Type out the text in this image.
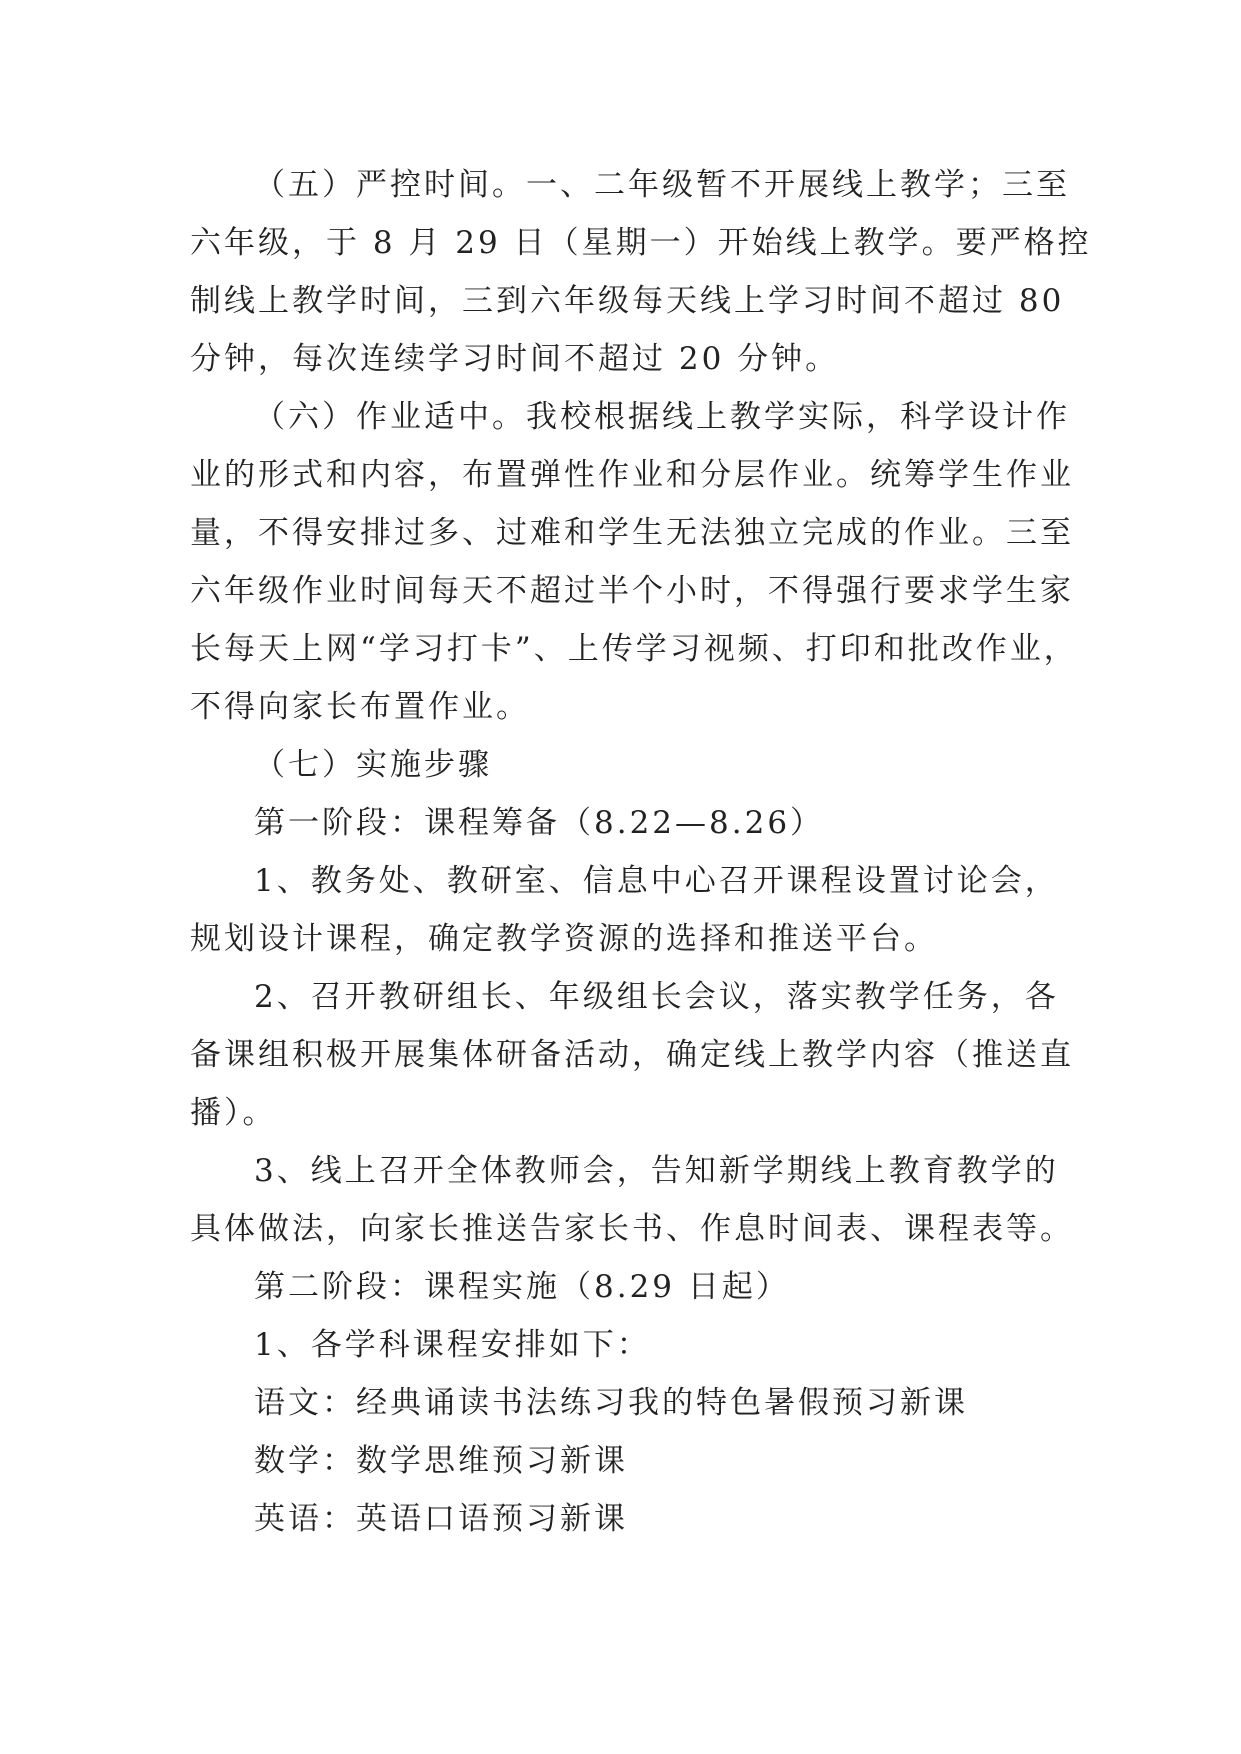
（五）严控时间。一、二年级暂不开展线上教学；三至
六年级，于 8 月 29 日（星期一）开始线上教学。要严格控
制线上教学时间，三到六年级每天线上学习时间不超过 80
分钟，每次连续学习时间不超过 20 分钟。
（六）作业适中。我校根据线上教学实际，科学设计作
业的形式和内容，布置弹性作业和分层作业。统筹学生作业
量，不得安排过多、过难和学生无法独立完成的作业。三至
六年级作业时间每天不超过半个小时，不得强行要求学生家
长每天上网“学习打卡”、上传学习视频、打印和批改作业，
不得向家长布置作业。
（七）实施步骤
第一阶段：课程筹备（8.22—8.26）
1、教务处、教研室、信息中心召开课程设置讨论会，
规划设计课程，确定教学资源的选择和推送平台。
2、召开教研组长、年级组长会议，落实教学任务，各
备课组积极开展集体研备活动，确定线上教学内容（推送直
播）。
3、线上召开全体教师会，告知新学期线上教育教学的
具体做法，向家长推送告家长书、作息时间表、课程表等。
第二阶段：课程实施（8.29 日起）
1、各学科课程安排如下：
语文：经典诵读书法练习我的特色暑假预习新课
数学：数学思维预习新课
英语：英语口语预习新课
